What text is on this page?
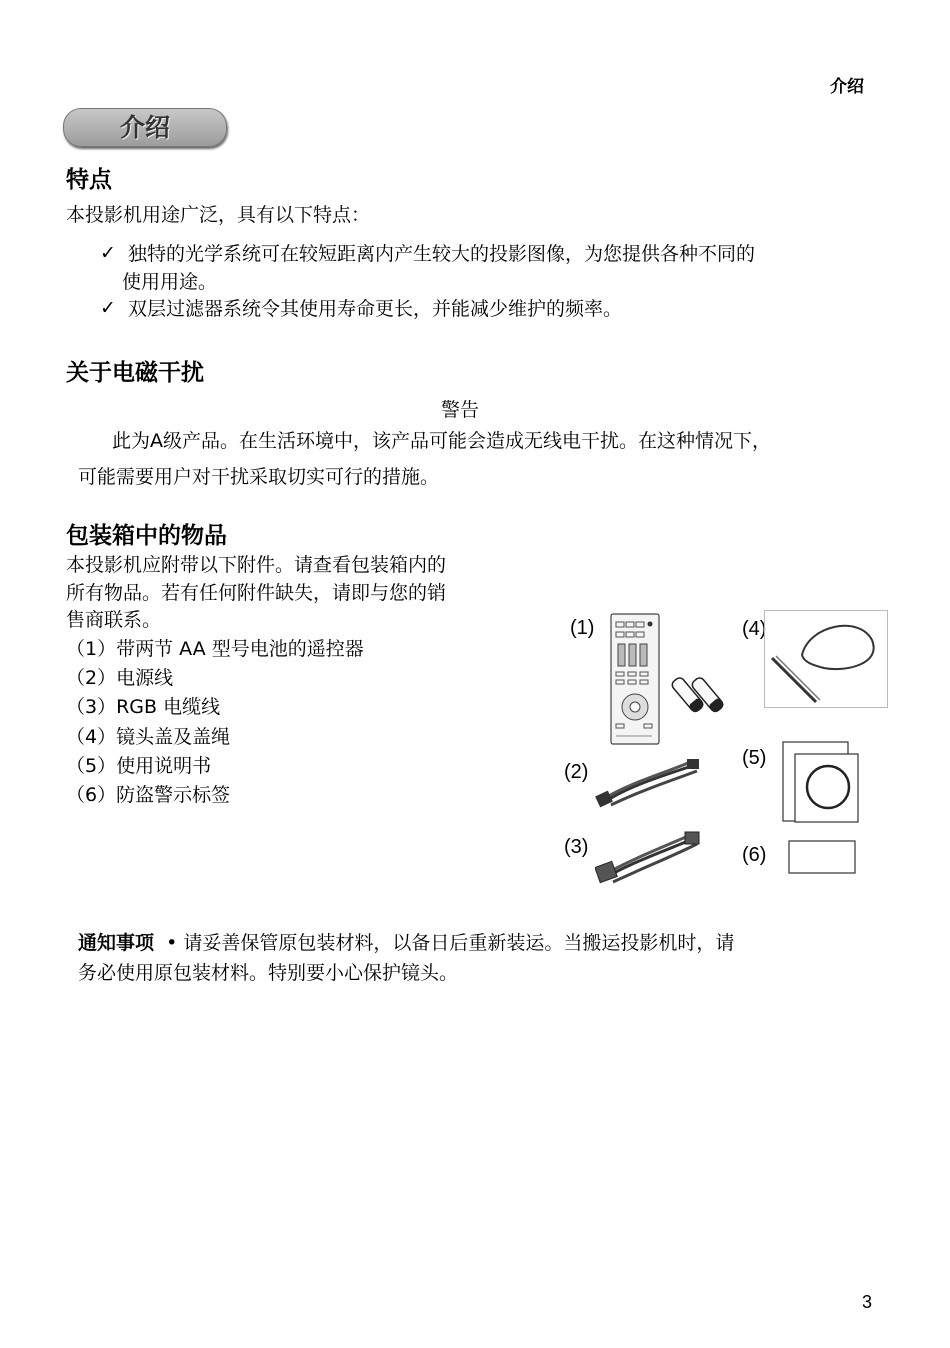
介绍
介绍
特点
本投影机用途广泛，具有以下特点：
✓ 独特的光学系统可在较短距离内产生较大的投影图像，为您提供各种不同的
使用用途。
✓ 双层过滤器系统令其使用寿命更长，并能减少维护的频率。
关于电磁干扰
警告
此为A级产品。在生活环境中，该产品可能会造成无线电干扰。在这种情况下，
可能需要用户对干扰采取切实可行的措施。
包装箱中的物品
本投影机应附带以下附件。请查看包装箱内的
所有物品。若有任何附件缺失，请即与您的销
售商联系。
（1）带两节 AA 型号电池的遥控器
（2）电源线
（3）RGB 电缆线
（4）镜头盖及盖绳
（5）使用说明书
（6）防盗警示标签
(1)
(2)
(3)
(4)
(5)
(6)
通知事项 • 请妥善保管原包装材料，以备日后重新装运。当搬运投影机时，请
务必使用原包装材料。特别要小心保护镜头。
3
